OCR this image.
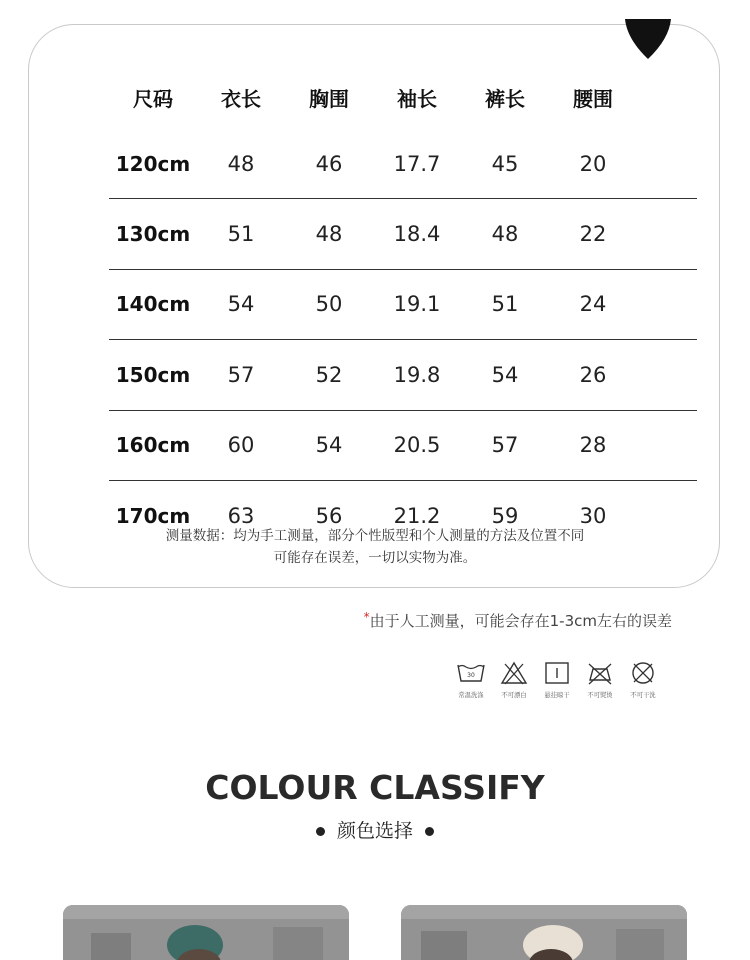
尺码	衣长	胸围	袖长	裤长	腰围
120cm	48	46	17.7	45	20
130cm	51	48	18.4	48	22
140cm	54	50	19.1	51	24
150cm	57	52	19.8	54	26
160cm	60	54	20.5	57	28
170cm	63	56	21.2	59	30
测量数据：均为手工测量，部分个性版型和个人测量的方法及位置不同
可能存在误差，一切以实物为准。
*由于人工测量，可能会存在1-3cm左右的误差
30
常温洗涤	不可漂白	悬挂晾干	不可熨烫	不可干洗
COLOUR CLASSIFY
颜色选择
